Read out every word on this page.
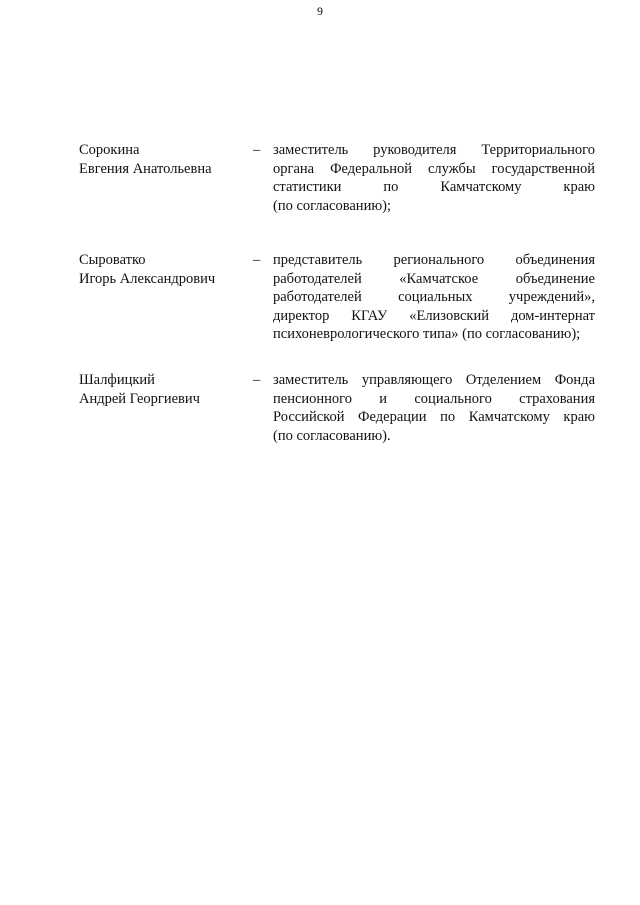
9
Сорокина
Евгения Анатольевна
– заместитель руководителя Территориального
органа Федеральной службы государственной
статистики по Камчатскому краю
(по согласованию);
Сыроватко
Игорь Александрович
– представитель регионального объединения
работодателей «Камчатское объединение
работодателей социальных учреждений»,
директор КГАУ «Елизовский дом-интернат
психоневрологического типа» (по согласованию);
Шалфицкий
Андрей Георгиевич
– заместитель управляющего Отделением Фонда
пенсионного и социального страхования
Российской Федерации по Камчатскому краю
(по согласованию).
